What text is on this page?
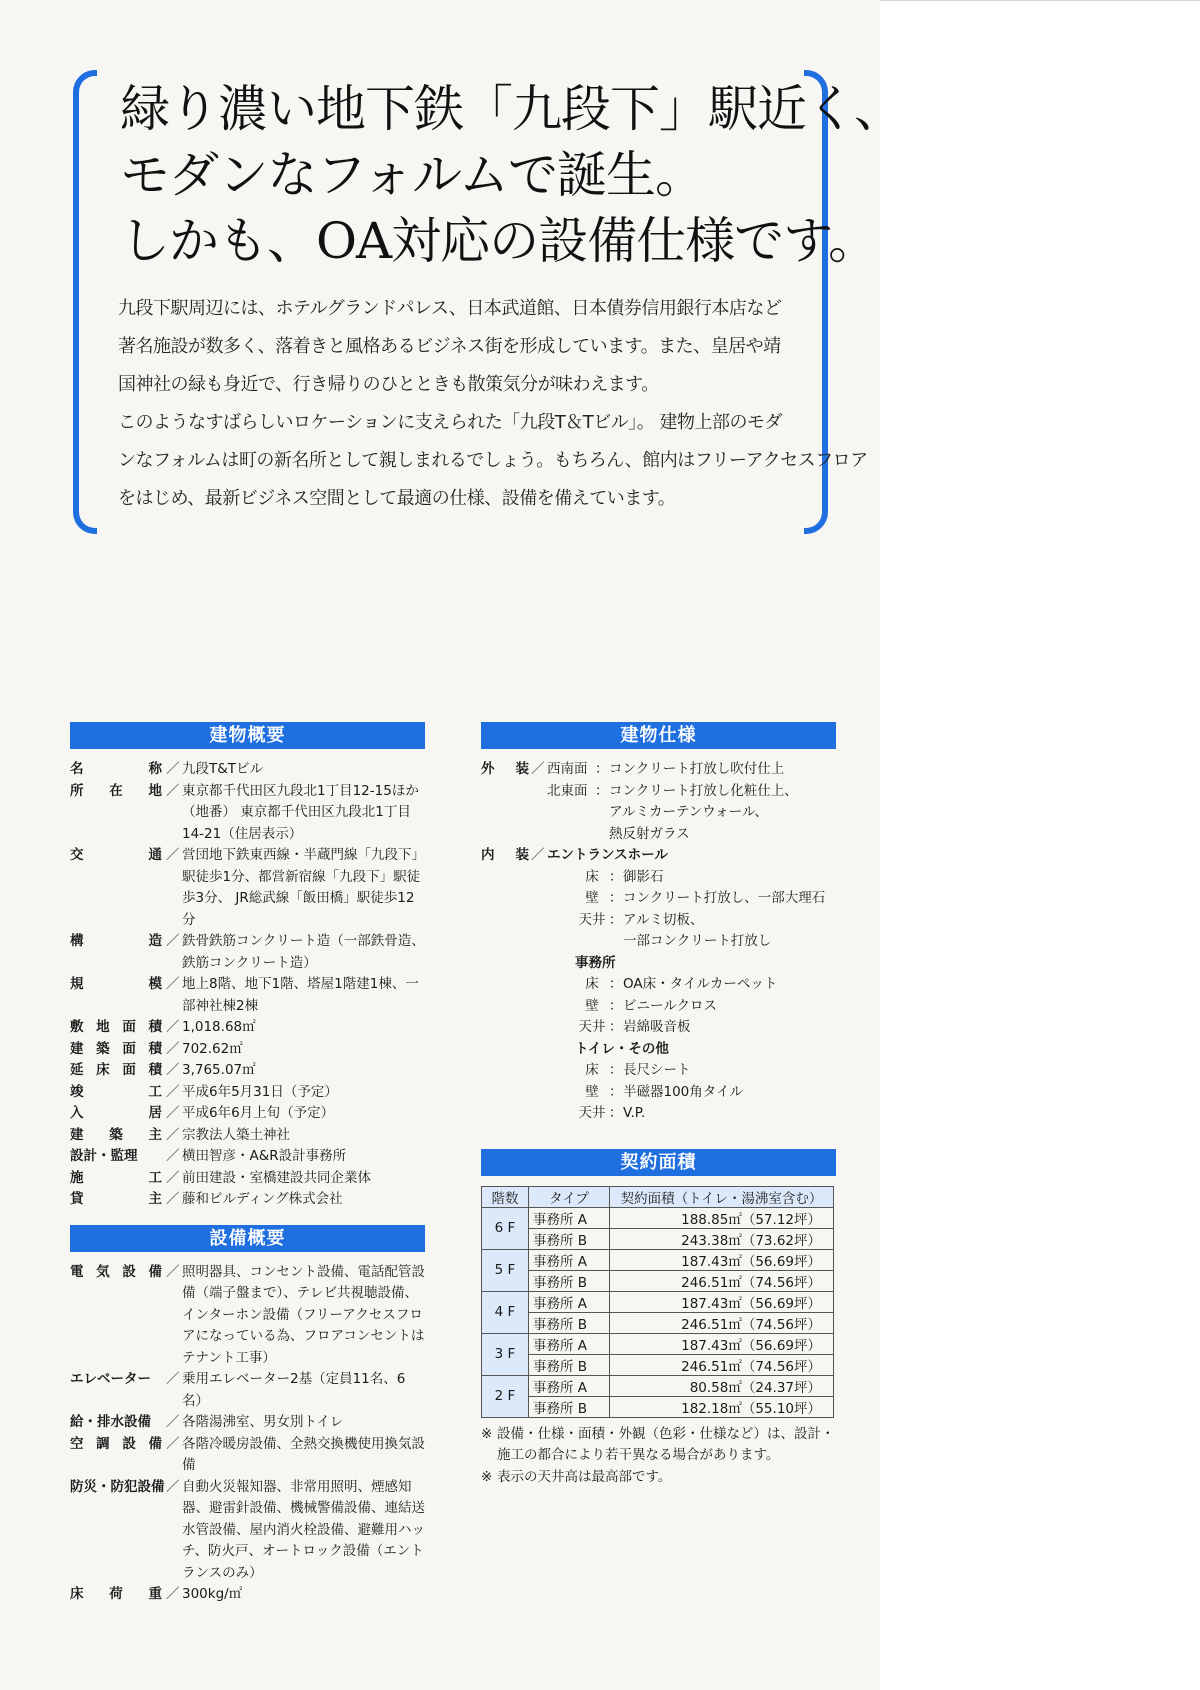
緑り濃い地下鉄「九段下」駅近く、
モダンなフォルムで誕生。
しかも、OA対応の設備仕様です。
九段下駅周辺には、ホテルグランドパレス、日本武道館、日本債券信用銀行本店など
著名施設が数多く、落着きと風格あるビジネス街を形成しています。また、皇居や靖
国神社の緑も身近で、行き帰りのひとときも散策気分が味わえます。
このようなすばらしいロケーションに支えられた「九段T＆Tビル」。 建物上部のモダ
ンなフォルムは町の新名所として親しまれるでしょう。もちろん、館内はフリーアクセスフロア
をはじめ、最新ビジネス空間として最適の仕様、設備を備えています。
建物概要
名	称 ／ 九段T&Tビル
所 在 地 ／ 東京都千代田区九段北1丁目12-15ほか（地番） 東京都千代田区九段北1丁目14-21（住居表示）
交	通 ／ 営団地下鉄東西線・半蔵門線「九段下」駅徒歩1分、都営新宿線「九段下」駅徒歩3分、 JR総武線「飯田橋」駅徒歩12分
構	造 ／ 鉄骨鉄筋コンクリート造（一部鉄骨造、鉄筋コンクリート造）
規	模 ／ 地上8階、地下1階、塔屋1階建1棟、一部神社棟2棟
敷 地 面 積 ／ 1,018.68㎡
建 築 面 積 ／ 702.62㎡
延 床 面 積 ／ 3,765.07㎡
竣	工 ／ 平成6年5月31日（予定）
入	居 ／ 平成6年6月上旬（予定）
建 築 主 ／ 宗教法人築土神社
設計・監理	／ 横田智彦・A&R設計事務所
施	工 ／ 前田建設・室橋建設共同企業体
貸	主 ／ 藤和ビルディング株式会社
設備概要
電 気 設 備 ／ 照明器具、コンセント設備、電話配管設備（端子盤まで）、テレビ共視聴設備、インターホン設備（フリーアクセスフロアになっている為、フロアコンセントはテナント工事）
エレベーター	／ 乗用エレベーター2基（定員11名、6名）
給・排水設備	／ 各階湯沸室、男女別トイレ
空 調 設 備 ／ 各階冷暖房設備、全熱交換機使用換気設備
防災・防犯設備 ／ 自動火災報知器、非常用照明、煙感知器、避雷針設備、機械警備設備、連結送水管設備、屋内消火栓設備、避難用ハッチ、防火戸、オートロック設備（エントランスのみ）
床 荷 重 ／ 300kg/㎡
建物仕様
外 装 ／ 西南面 ： コンクリート打放し吹付仕上
北東面 ： コンクリート打放し化粧仕上、
アルミカーテンウォール、
熱反射ガラス
内 装 ／ エントランスホール
床 ： 御影石
壁 ： コンクリート打放し、一部大理石
天井 ： アルミ切板、
一部コンクリート打放し
事務所
床 ： OA床・タイルカーペット
壁 ： ビニールクロス
天井 ： 岩綿吸音板
トイレ・その他
床 ： 長尺シート
壁 ： 半磁器100角タイル
天井 ： V.P.
契約面積
階数	タイプ	契約面積（トイレ・湯沸室含む）
6 F	事務所 A	188.85㎡（57.12坪）
	事務所 B	243.38㎡（73.62坪）
5 F	事務所 A	187.43㎡（56.69坪）
	事務所 B	246.51㎡（74.56坪）
4 F	事務所 A	187.43㎡（56.69坪）
	事務所 B	246.51㎡（74.56坪）
3 F	事務所 A	187.43㎡（56.69坪）
	事務所 B	246.51㎡（74.56坪）
2 F	事務所 A	80.58㎡（24.37坪）
	事務所 B	182.18㎡（55.10坪）
※ 設備・仕様・面積・外観（色彩・仕様など）は、設計・施工の都合により若干異なる場合があります。
※ 表示の天井高は最高部です。
